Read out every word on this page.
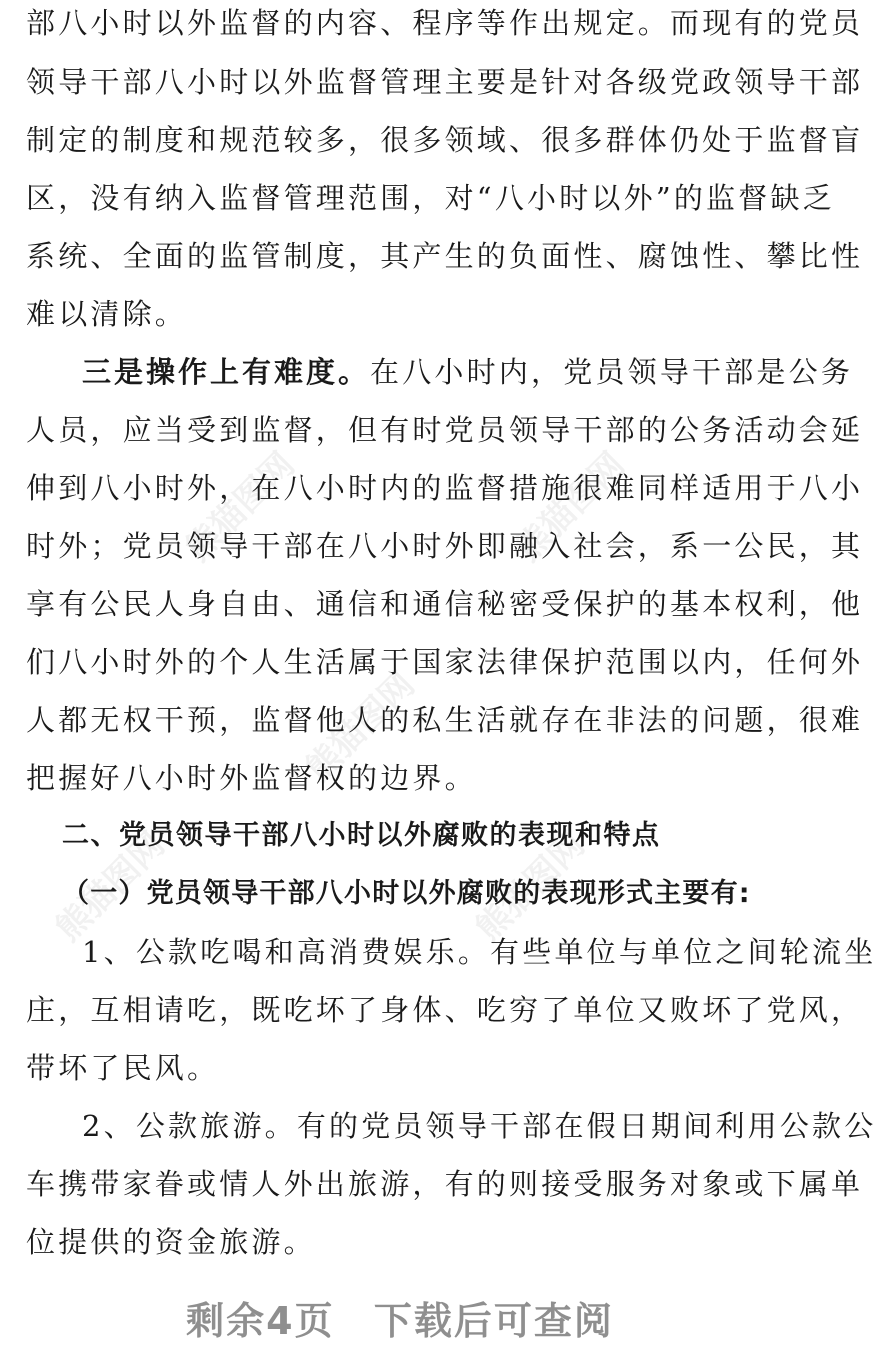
熊猫图网	熊猫图网
熊猫图网
熊猫图网
熊猫图网
部八小时以外监督的内容、程序等作出规定。而现有的党员
领导干部八小时以外监督管理主要是针对各级党政领导干部
制定的制度和规范较多，很多领域、很多群体仍处于监督盲
区，没有纳入监督管理范围，对“八小时以外”的监督缺乏
系统、全面的监管制度，其产生的负面性、腐蚀性、攀比性
难以清除。
三是操作上有难度。在八小时内，党员领导干部是公务
人员，应当受到监督，但有时党员领导干部的公务活动会延
伸到八小时外，在八小时内的监督措施很难同样适用于八小
时外；党员领导干部在八小时外即融入社会，系一公民，其
享有公民人身自由、通信和通信秘密受保护的基本权利，他
们八小时外的个人生活属于国家法律保护范围以内，任何外
人都无权干预，监督他人的私生活就存在非法的问题，很难
把握好八小时外监督权的边界。
二、党员领导干部八小时以外腐败的表现和特点
（一）党员领导干部八小时以外腐败的表现形式主要有:
1、公款吃喝和高消费娱乐。有些单位与单位之间轮流坐
庄，互相请吃，既吃坏了身体、吃穷了单位又败坏了党风，
带坏了民风。
2、公款旅游。有的党员领导干部在假日期间利用公款公
车携带家眷或情人外出旅游，有的则接受服务对象或下属单
位提供的资金旅游。
剩余4页 下载后可查阅
